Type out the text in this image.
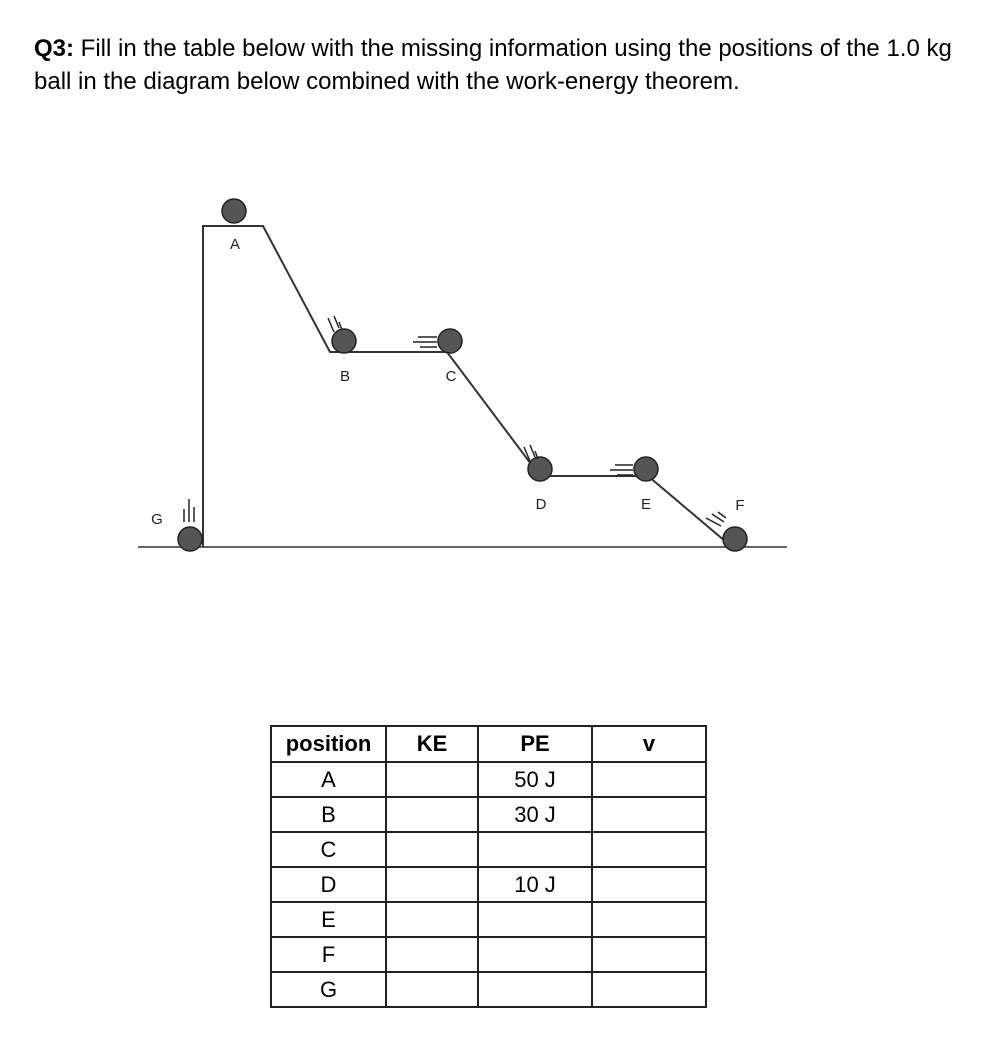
Q3: Fill in the table below with the missing information using the positions of the 1.0 kg ball in the diagram below combined with the work-energy theorem.
A
B	C
D	E	F
G
position	KE	PE	v
A		50 J	
B		30 J	
C			
D		10 J	
E			
F			
G			
